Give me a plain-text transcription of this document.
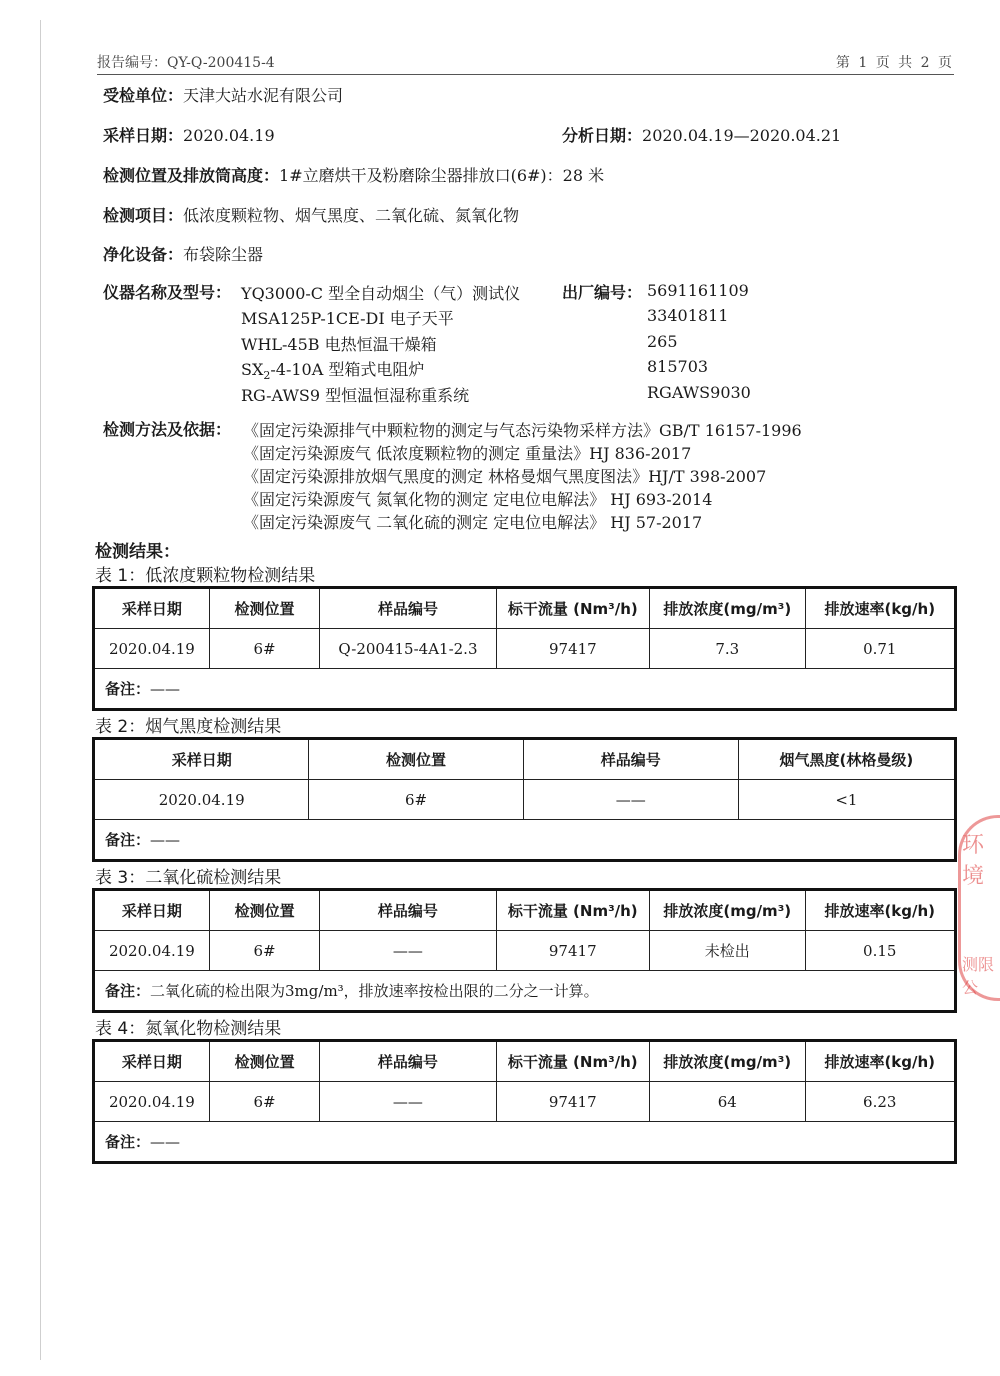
报告编号：QY-Q-200415-4	第 1 页 共 2 页
受检单位：天津大站水泥有限公司
采样日期：2020.04.19	分析日期：2020.04.19—2020.04.21
检测位置及排放筒高度：1#立磨烘干及粉磨除尘器排放口(6#)：28 米
检测项目：低浓度颗粒物、烟气黑度、二氧化硫、氮氧化物
净化设备：布袋除尘器
仪器名称及型号：	出厂编号：
YQ3000-C 型全自动烟尘（气）测试仪	5691161109
MSA125P-1CE-DI 电子天平	33401811
WHL-45B 电热恒温干燥箱	265
$SX_2-4-10A$ 型箱式电阻炉	815703
RG-AWS9 型恒温恒湿称重系统	RGAWS9030
检测方法及依据： 《固定污染源排气中颗粒物的测定与气态污染物采样方法》GB/T 16157-1996
《固定污染源废气 低浓度颗粒物的测定 重量法》HJ 836-2017
《固定污染源排放烟气黑度的测定 林格曼烟气黑度图法》HJ/T 398-2007
《固定污染源废气 氮氧化物的测定 定电位电解法》 HJ 693-2014
《固定污染源废气 二氧化硫的测定 定电位电解法》 HJ 57-2017
检测结果：
表 1：低浓度颗粒物检测结果
采样日期	检测位置	样品编号	标干流量 (Nm³/h)	排放浓度(mg/m³)	排放速率(kg/h)
2020.04.19	6#	Q-200415-4A1-2.3	97417	7.3	0.71
备注：——					
表 2：烟气黑度检测结果
采样日期	检测位置	样品编号	烟气黑度(林格曼级)
2020.04.19	6#	——	<1
备注：——			
表 3：二氧化硫检测结果
采样日期	检测位置	样品编号	标干流量 (Nm³/h)	排放浓度(mg/m³)	排放速率(kg/h)
2020.04.19	6#	——	97417	未检出	0.15
备注：二氧化硫的检出限为3mg/m³，排放速率按检出限的二分之一计算。					
表 4：氮氧化物检测结果
采样日期	检测位置	样品编号	标干流量 (Nm³/h)	排放浓度(mg/m³)	排放速率(kg/h)
2020.04.19	6#	——	97417	64	6.23
备注：——					
环境
测限公
